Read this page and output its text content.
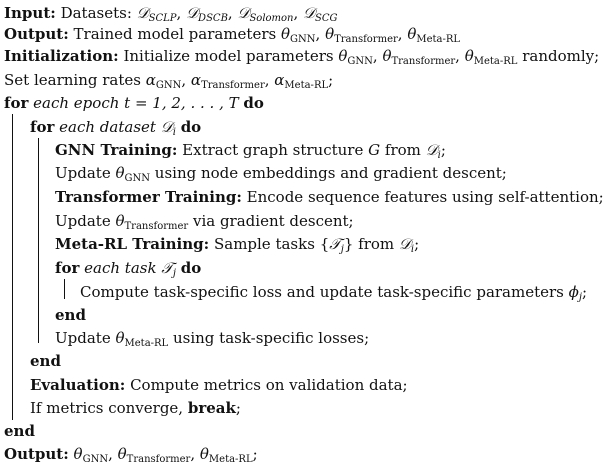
Input: Datasets: 𝒟$_{SCLP}$, 𝒟$_{DSCB}$, 𝒟$_{Solomon}$, 𝒟$_{SCG}$
Output: Trained model parameters $\theta_{GNN}$, $\theta_{Transformer}$, $\theta_{Meta-RL}$
Initialization: Initialize model parameters $\theta_{GNN}$, $\theta_{Transformer}$, $\theta_{Meta-RL}$ randomly;
Set learning rates $\alpha_{GNN}$, $\alpha_{Transformer}$, $\alpha_{Meta-RL}$;
for each epoch t = 1, 2, . . . , T do
for each dataset 𝒟$_i$ do
GNN Training: Extract graph structure G from 𝒟$_i$;
Update $\theta_{GNN}$ using node embeddings and gradient descent;
Transformer Training: Encode sequence features using self-attention;
Update $\theta_{Transformer}$ via gradient descent;
Meta-RL Training: Sample tasks {𝒯$_j$} from 𝒟$_i$;
for each task 𝒯$_j$ do
Compute task-specific loss and update task-specific parameters $\phi_j$;
end
Update $\theta_{Meta-RL}$ using task-specific losses;
end
Evaluation: Compute metrics on validation data;
If metrics converge, break;
end
Output: $\theta_{GNN}$, $\theta_{Transformer}$, $\theta_{Meta-RL}$;
